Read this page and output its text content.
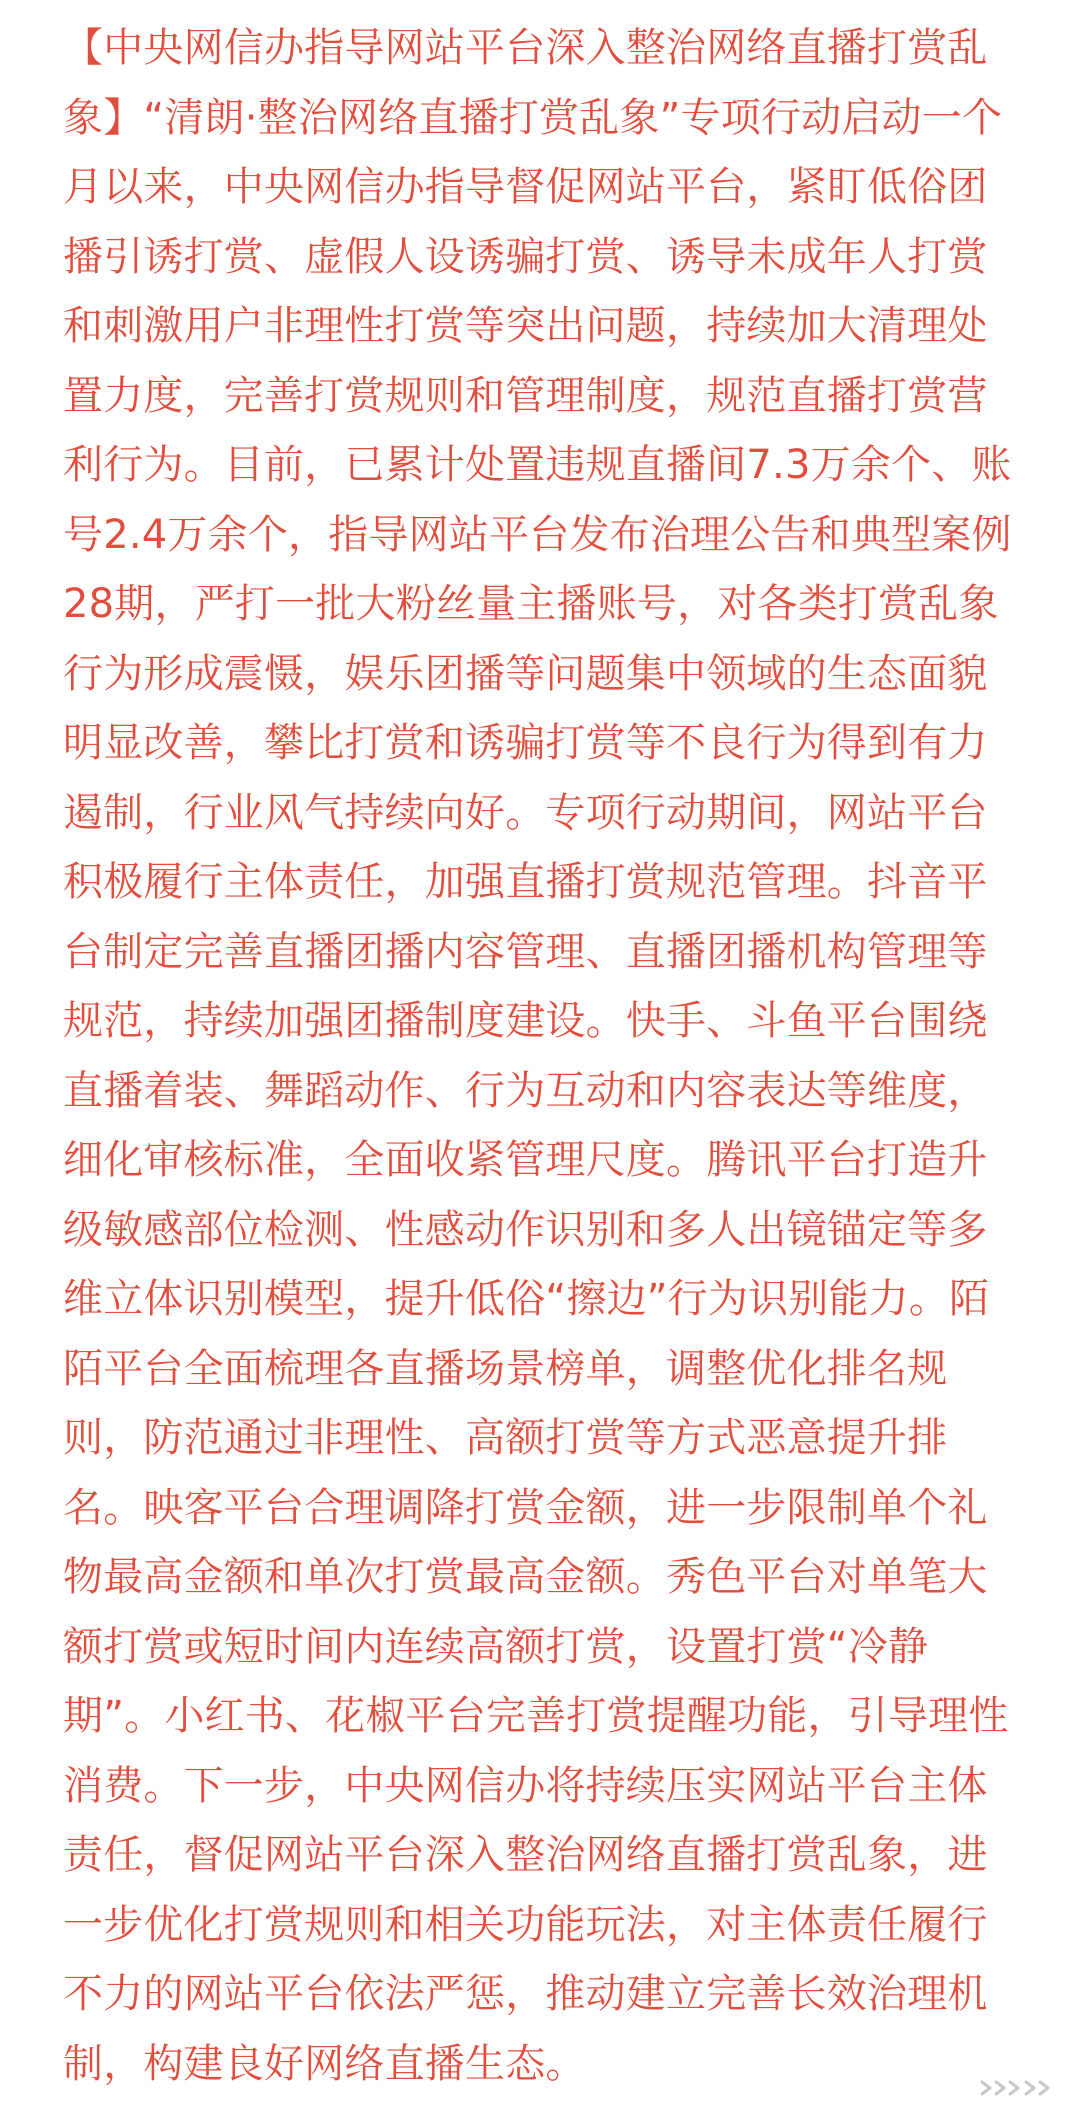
【中央网信办指导网站平台深入整治网络直播打赏乱
象】“清朗·整治网络直播打赏乱象”专项行动启动一个
月以来，中央网信办指导督促网站平台，紧盯低俗团
播引诱打赏、虚假人设诱骗打赏、诱导未成年人打赏
和刺激用户非理性打赏等突出问题，持续加大清理处
置力度，完善打赏规则和管理制度，规范直播打赏营
利行为。目前，已累计处置违规直播间7.3万余个、账
号2.4万余个，指导网站平台发布治理公告和典型案例
28期，严打一批大粉丝量主播账号，对各类打赏乱象
行为形成震慑，娱乐团播等问题集中领域的生态面貌
明显改善，攀比打赏和诱骗打赏等不良行为得到有力
遏制，行业风气持续向好。专项行动期间，网站平台
积极履行主体责任，加强直播打赏规范管理。抖音平
台制定完善直播团播内容管理、直播团播机构管理等
规范，持续加强团播制度建设。快手、斗鱼平台围绕
直播着装、舞蹈动作、行为互动和内容表达等维度，
细化审核标准，全面收紧管理尺度。腾讯平台打造升
级敏感部位检测、性感动作识别和多人出镜锚定等多
维立体识别模型，提升低俗“擦边”行为识别能力。陌
陌平台全面梳理各直播场景榜单，调整优化排名规
则，防范通过非理性、高额打赏等方式恶意提升排
名。映客平台合理调降打赏金额，进一步限制单个礼
物最高金额和单次打赏最高金额。秀色平台对单笔大
额打赏或短时间内连续高额打赏，设置打赏“冷静
期”。小红书、花椒平台完善打赏提醒功能，引导理性
消费。下一步，中央网信办将持续压实网站平台主体
责任，督促网站平台深入整治网络直播打赏乱象，进
一步优化打赏规则和相关功能玩法，对主体责任履行
不力的网站平台依法严惩，推动建立完善长效治理机
制，构建良好网络直播生态。
